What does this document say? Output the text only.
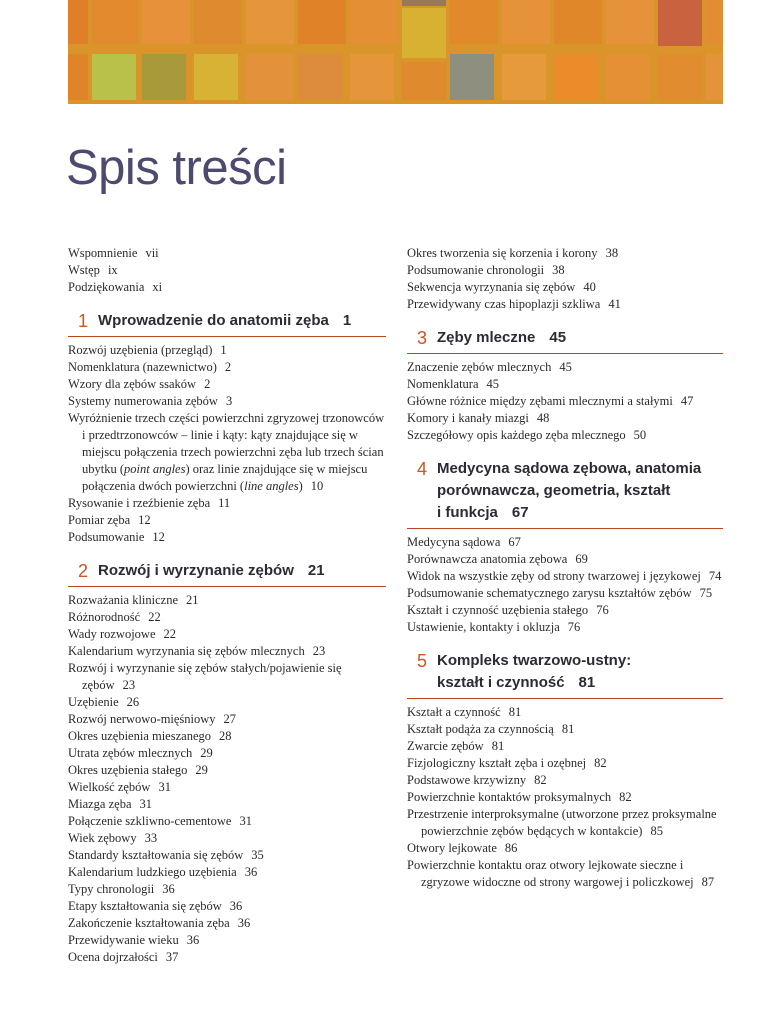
Spis treści

Wspomnienie vii

Wstęp ix

Podziękowania xi

1 Wprowadzenie do anatomii zęba 1

Rozwój uzębienia (przegląd) 1

Nomenklatura (nazewnictwo) 2

Wzory dla zębów ssaków 2

Systemy numerowania zębów 3

Wyróżnienie trzech części powierzchni zgryzowej trzonowców i przedtrzonowców – linie i kąty: kąty znajdujące się w miejscu połączenia trzech powierzchni zęba lub trzech ścian ubytku (point angles) oraz linie znajdujące się w miejscu połączenia dwóch powierzchni (line angles) 10

Rysowanie i rzeźbienie zęba 11

Pomiar zęba 12

Podsumowanie 12

2 Rozwój i wyrzynanie zębów 21

Rozważania kliniczne 21

Różnorodność 22

Wady rozwojowe 22

Kalendarium wyrzynania się zębów mlecznych 23

Rozwój i wyrzynanie się zębów stałych/pojawienie się zębów 23

Uzębienie 26

Rozwój nerwowo-mięśniowy 27

Okres uzębienia mieszanego 28

Utrata zębów mlecznych 29

Okres uzębienia stałego 29

Wielkość zębów 31

Miazga zęba 31

Połączenie szkliwno-cementowe 31

Wiek zębowy 33

Standardy kształtowania się zębów 35

Kalendarium ludzkiego uzębienia 36

Typy chronologii 36

Etapy kształtowania się zębów 36

Zakończenie kształtowania zęba 36

Przewidywanie wieku 36

Ocena dojrzałości 37

Okres tworzenia się korzenia i korony 38

Podsumowanie chronologii 38

Sekwencja wyrzynania się zębów 40

Przewidywany czas hipoplazji szkliwa 41

3 Zęby mleczne 45

Znaczenie zębów mlecznych 45

Nomenklatura 45

Główne różnice między zębami mlecznymi a stałymi 47

Komory i kanały miazgi 48

Szczegółowy opis każdego zęba mlecznego 50

4 Medycyna sądowa zębowa, anatomia
porównawcza, geometria, kształt
i funkcja 67

Medycyna sądowa 67

Porównawcza anatomia zębowa 69

Widok na wszystkie zęby od strony twarzowej i językowej 74

Podsumowanie schematycznego zarysu kształtów zębów 75

Kształt i czynność uzębienia stałego 76

Ustawienie, kontakty i okluzja 76

5 Kompleks twarzowo-ustny:
kształt i czynność 81

Kształt a czynność 81

Kształt podąża za czynnością 81

Zwarcie zębów 81

Fizjologiczny kształt zęba i ozębnej 82

Podstawowe krzywizny 82

Powierzchnie kontaktów proksymalnych 82

Przestrzenie interproksymalne (utworzone przez proksymalne powierzchnie zębów będących w kontakcie) 85

Otwory lejkowate 86

Powierzchnie kontaktu oraz otwory lejkowate sieczne i zgryzowe widoczne od strony wargowej i policzkowej 87
